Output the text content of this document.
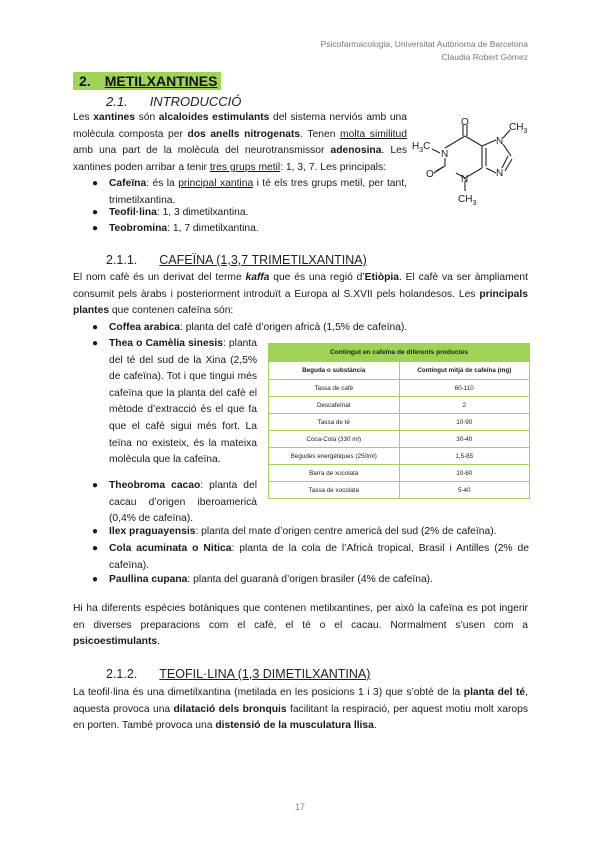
Psicofarmacologia, Universitat Autònoma de Barcelona
Claudia Robert Gómez
2. METILXANTINES
2.1. INTRODUCCIÓ
Les xantines són alcaloides estimulants del sistema nerviós amb una molècula composta per dos anells nitrogenats. Tenen molta similitud amb una part de la molècula del neurotransmissor adenosina. Les xantines poden arribar a tenir tres grups metil: 1, 3, 7. Les principals:
● Cafeïna: és la principal xantina i té els tres grups metil, per tant, trimetilxantina.
● Teofil·lina: 1, 3 dimetilxantina.
● Teobromina: 1, 7 dimetilxantina.
O
O
N
N
N
N
$H_3C$
$CH_3$
$CH_3$
2.1.1. CAFEÏNA (1,3,7 TRIMETILXANTINA)
El nom cafè és un derivat del terme kaffa que és una regió d’Etiòpia. El cafè va ser àmpliament consumit pels àrabs i posteriorment introduït a Europa al S.XVII pels holandesos. Les principals plantes que contenen cafeïna són:
● Coffea arabica: planta del cafè d’origen africà (1,5% de cafeïna).
● Thea o Camèlia sinesis: planta del té del sud de la Xina (2,5% de cafeïna). Tot i que tingui més cafeïna que la planta del cafè el mètode d’extracció és el que fa que el cafè sigui més fort. La teïna no existeix, és la mateixa molècula que la cafeïna.
● Theobroma cacao: planta del cacau d’origen iberoamericà (0,4% de cafeïna).
● Ilex praguayensis: planta del mate d’origen centre americà del sud (2% de cafeïna).
● Cola acuminata o Nitica: planta de la cola de l’Africà tropical, Brasil i Antilles (2% de cafeïna).
● Paullina cupana: planta del guaranà d’origen brasiler (4% de cafeïna).
Contingut en cafeïna de diferents productes	
Beguda o substància	Contingut mitjà de cafeïna (mg)
Tassa de cafè	60-110
Descafeïnat	2
Tassa de té	10-90
Coca-Cola (330 ml)	30-40
Begudes energètiques (250ml)	1,5-85
Barra de xocolata	10-60
Tassa de xocolata	5-40
Hi ha diferents espècies botàniques que contenen metilxantines, per això la cafeïna es pot ingerir en diverses preparacions com el cafè, el té o el cacau. Normalment s’usen com a psicoestimulants.
2.1.2. TEOFIL·LINA (1,3 DIMETILXANTINA)
La teofil·lina és una dimetilxantina (metilada en les posicions 1 i 3) que s’obté de la planta del té, aquesta provoca una dilatació dels bronquis facilitant la respiració, per aquest motiu molt xarops en porten. També provoca una distensió de la musculatura llisa.
17
